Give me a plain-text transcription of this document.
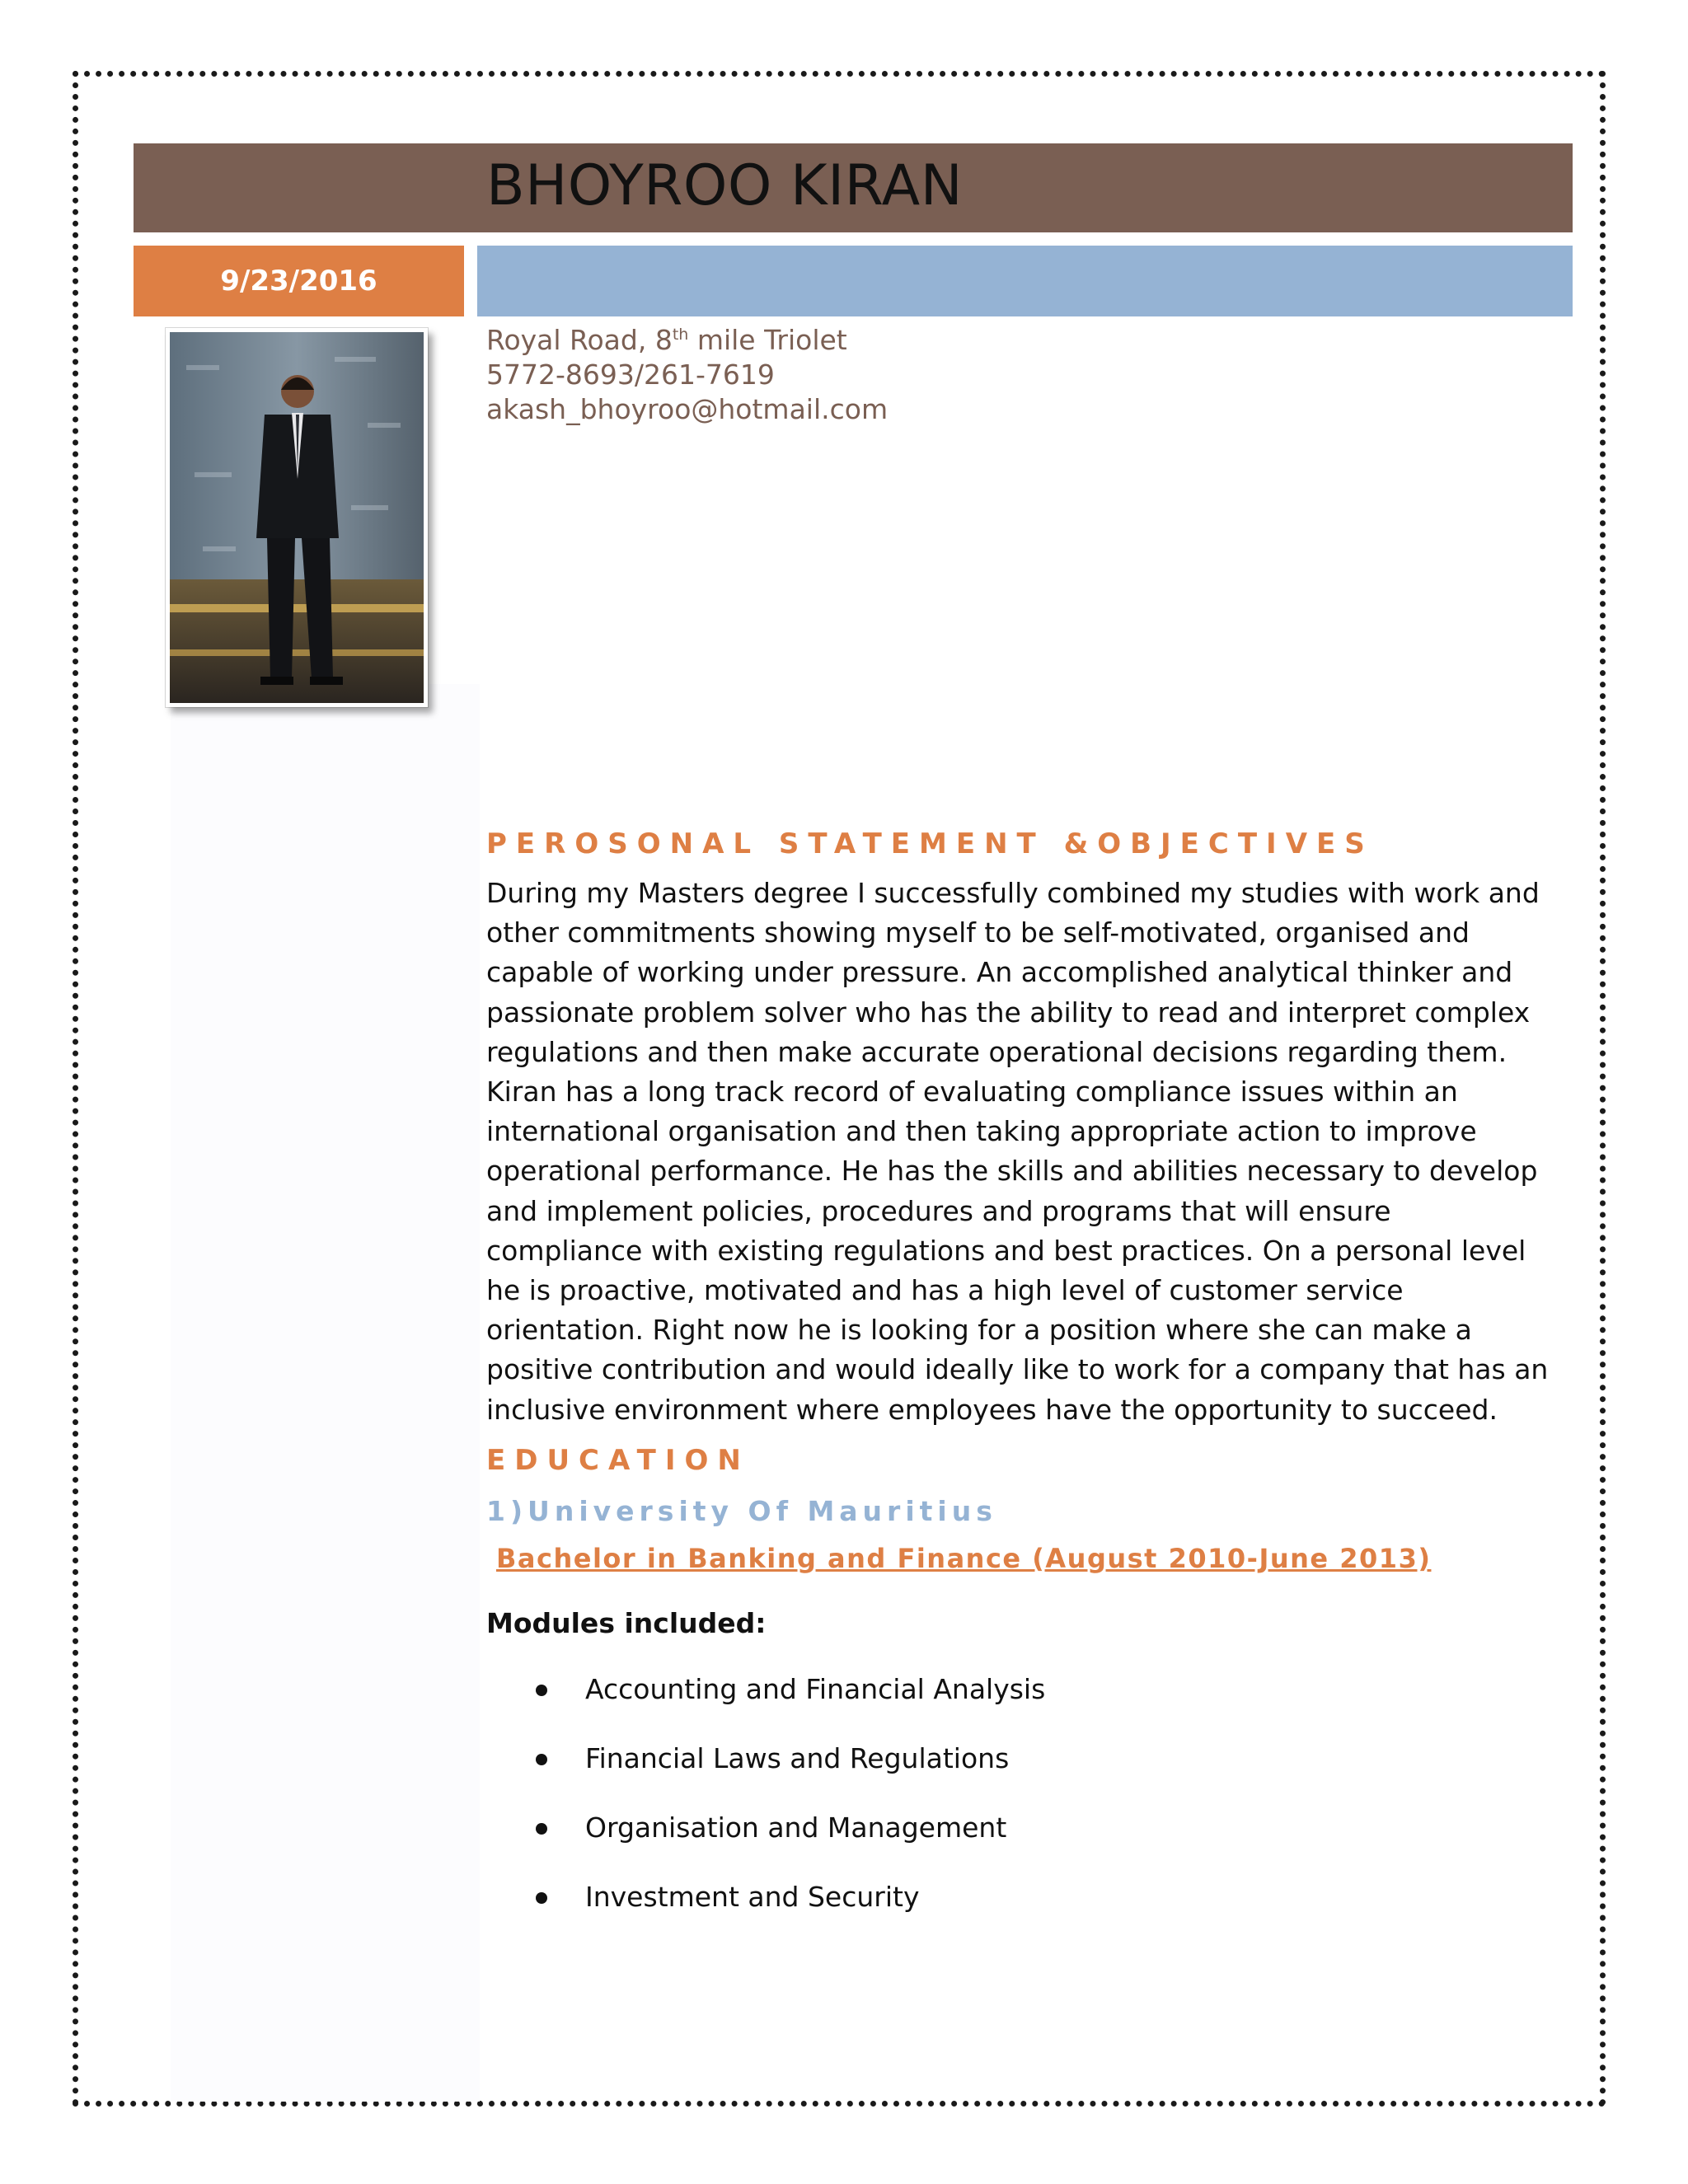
BHOYROO KIRAN
9/23/2016
Royal Road, 8th mile Triolet
5772-8693/261-7619
akash_bhoyroo@hotmail.com
PEROSONAL STATEMENT &OBJECTIVES
During my Masters degree I successfully combined my studies with work and other commitments showing myself to be self-motivated, organised and capable of working under pressure. An accomplished analytical thinker and passionate problem solver who has the ability to read and interpret complex regulations and then make accurate operational decisions regarding them. Kiran has a long track record of evaluating compliance issues within an international organisation and then taking appropriate action to improve operational performance. He has the skills and abilities necessary to develop and implement policies, procedures and programs that will ensure compliance with existing regulations and best practices. On a personal level he is proactive, motivated and has a high level of customer service orientation. Right now he is looking for a position where she can make a positive contribution and would ideally like to work for a company that has an inclusive environment where employees have the opportunity to succeed.
EDUCATION
1)University Of Mauritius
Bachelor in Banking and Finance (August 2010-June 2013)
Modules included:
Accounting and Financial Analysis
Financial Laws and Regulations
Organisation and Management
Investment and Security
